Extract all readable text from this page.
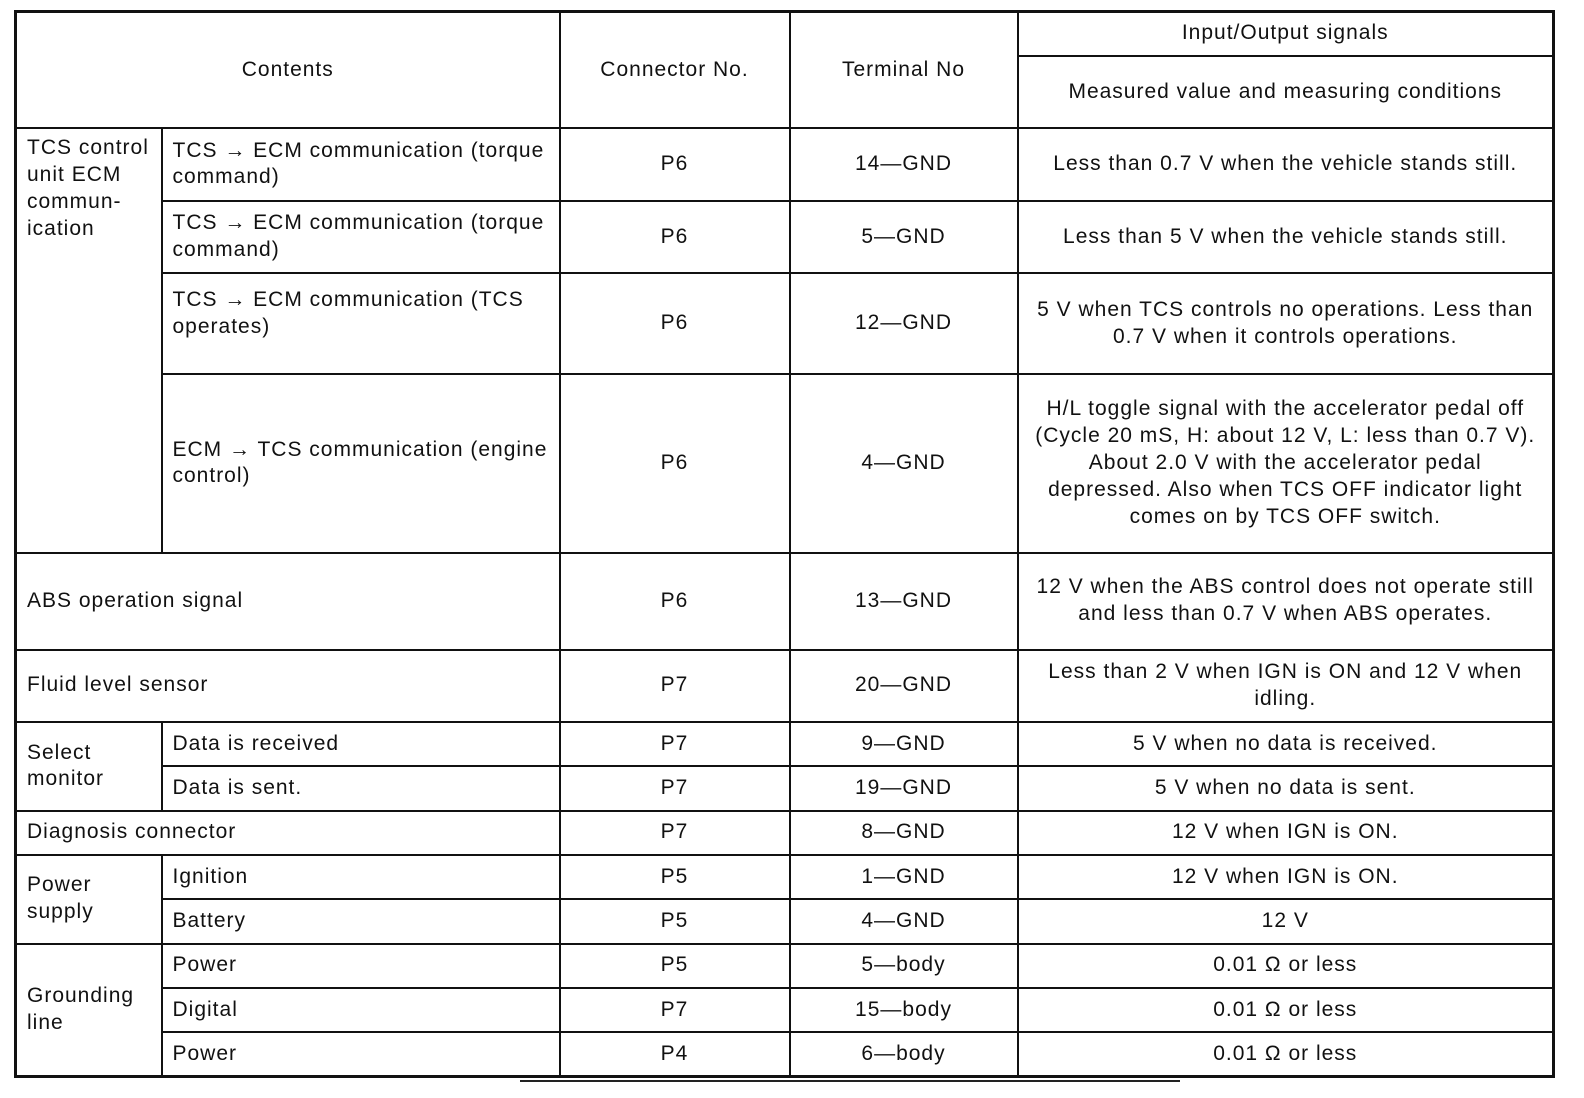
Contents		Connector No.	Terminal No	Input/Output signals
				Measured value and measuring conditions
TCS control unit ECM commun-ication	TCS → ECM communication (torque command)	P6	14—GND	Less than 0.7 V when the vehicle stands still.
	TCS → ECM communication (torque command)	P6	5—GND	Less than 5 V when the vehicle stands still.
	TCS → ECM communication (TCS operates)	P6	12—GND	5 V when TCS controls no operations. Less than 0.7 V when it controls operations.
	ECM → TCS communication (engine control)	P6	4—GND	H/L toggle signal with the accelerator pedal off (Cycle 20 mS, H: about 12 V, L: less than 0.7 V). About 2.0 V with the accelerator pedal depressed. Also when TCS OFF indicator light comes on by TCS OFF switch.
ABS operation signal		P6	13—GND	12 V when the ABS control does not operate still and less than 0.7 V when ABS operates.
Fluid level sensor		P7	20—GND	Less than 2 V when IGN is ON and 12 V when idling.
Select monitor	Data is received	P7	9—GND	5 V when no data is received.
	Data is sent.	P7	19—GND	5 V when no data is sent.
Diagnosis connector		P7	8—GND	12 V when IGN is ON.
Power supply	Ignition	P5	1—GND	12 V when IGN is ON.
	Battery	P5	4—GND	12 V
Grounding line	Power	P5	5—body	0.01 Ω or less
	Digital	P7	15—body	0.01 Ω or less
	Power	P4	6—body	0.01 Ω or less
